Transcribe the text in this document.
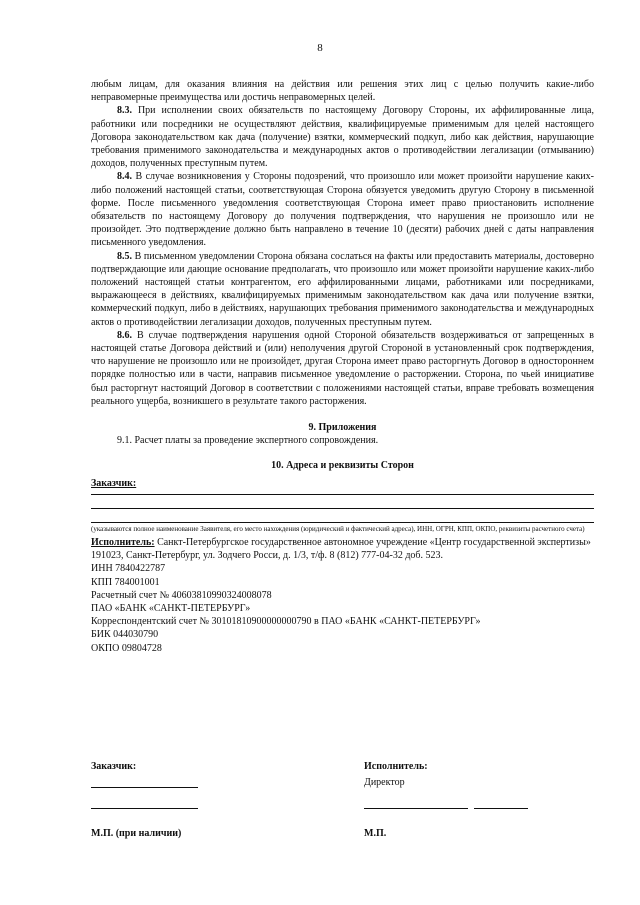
8

любым лицам, для оказания влияния на действия или решения этих лиц с целью получить какие-либо неправомерные преимущества или достичь неправомерных целей.

8.3. При исполнении своих обязательств по настоящему Договору Стороны, их аффилированные лица, работники или посредники не осуществляют действия, квалифицируемые применимым для целей настоящего Договора законодательством как дача (получение) взятки, коммерческий подкуп, либо как действия, нарушающие требования применимого законодательства и международных актов о противодействии легализации (отмыванию) доходов, полученных преступным путем.

8.4. В случае возникновения у Стороны подозрений, что произошло или может произойти нарушение каких-либо положений настоящей статьи, соответствующая Сторона обязуется уведомить другую Сторону в письменной форме. После письменного уведомления соответствующая Сторона имеет право приостановить исполнение обязательств по настоящему Договору до получения подтверждения, что нарушения не произошло или не произойдет. Это подтверждение должно быть направлено в течение 10 (десяти) рабочих дней с даты направления письменного уведомления.

8.5. В письменном уведомлении Сторона обязана сослаться на факты или предоставить материалы, достоверно подтверждающие или дающие основание предполагать, что произошло или может произойти нарушение каких-либо положений настоящей статьи контрагентом, его аффилированными лицами, работниками или посредниками, выражающееся в действиях, квалифицируемых применимым законодательством как дача или получение взятки, коммерческий подкуп, либо в действиях, нарушающих требования применимого законодательства и международных актов о противодействии легализации доходов, полученных преступным путем.

8.6. В случае подтверждения нарушения одной Стороной обязательств воздерживаться от запрещенных в настоящей статье Договора действий и (или) неполучения другой Стороной в установленный срок подтверждения, что нарушение не произошло или не произойдет, другая Сторона имеет право расторгнуть Договор в одностороннем порядке полностью или в части, направив письменное уведомление о расторжении. Сторона, по чьей инициативе был расторгнут настоящий Договор в соответствии с положениями настоящей статьи, вправе требовать возмещения реального ущерба, возникшего в результате такого расторжения.

9. Приложения

9.1. Расчет платы за проведение экспертного сопровождения.

10. Адреса и реквизиты Сторон

Заказчик:

(указываются полное наименование Заявителя, его место нахождения (юридический и фактический адреса), ИНН, ОГРН, КПП, ОКПО, реквизиты расчетного счета)

Исполнитель: Санкт-Петербургское государственное автономное учреждение «Центр государственной экспертизы»

191023, Санкт-Петербург, ул. Зодчего Росси, д. 1/3, т/ф. 8 (812) 777-04-32 доб. 523.

ИНН 7840422787

КПП 784001001

Расчетный счет № 40603810990324008078

ПАО «БАНК «САНКТ-ПЕТЕРБУРГ»

Корреспондентский счет № 30101810900000000790 в ПАО «БАНК «САНКТ-ПЕТЕРБУРГ»

БИК 044030790

ОКПО 09804728

Заказчик:	Исполнитель:
Директор
М.П. (при наличии)	М.П.
